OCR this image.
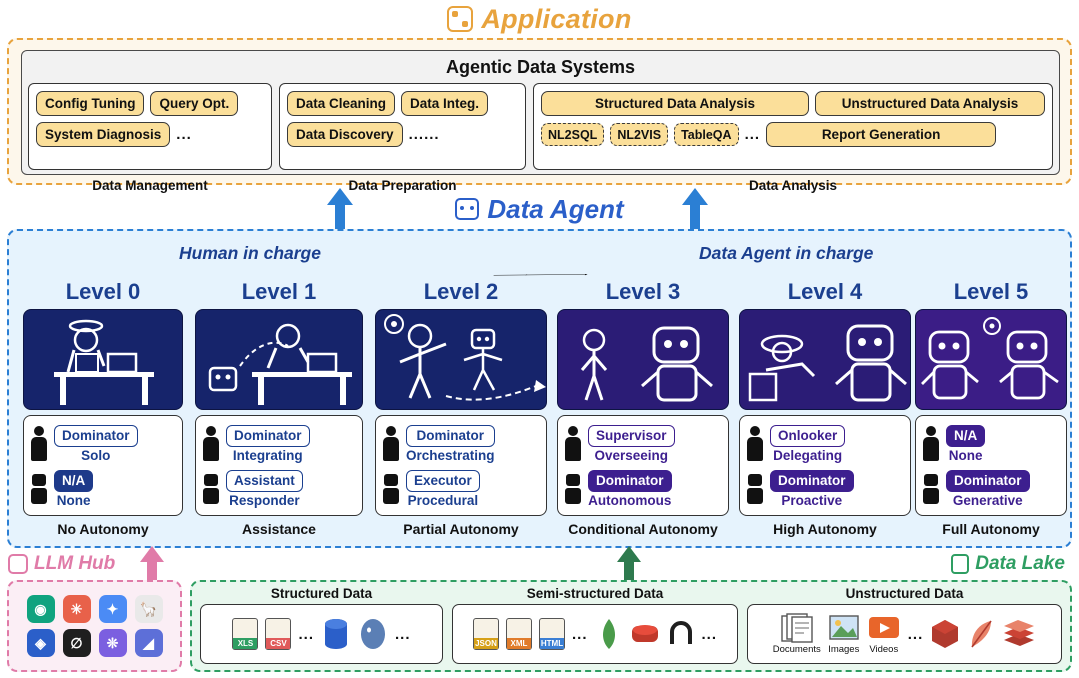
Application
Agentic Data Systems
Config Tuning	Query Opt.
System Diagnosis	...
Data Management
Data Cleaning	Data Integ.
Data Discovery	......
Data Preparation
Structured Data Analysis	Unstructured Data Analysis
NL2SQL	NL2VIS	TableQA ...	Report Generation
Data Analysis
Data Agent
Human in charge	Data Agent in charge
Level 0
Dominator
Solo
N/A
None
No Autonomy
Level 1
Dominator
Integrating
Assistant
Responder
Assistance
Level 2
Dominator
Orchestrating
Executor
Procedural
Partial Autonomy
Level 3
Supervisor
Overseeing
Dominator
Autonomous
Conditional Autonomy
Level 4
Onlooker
Delegating
Dominator
Proactive
High Autonomy
Level 5
N/A
None
Dominator
Generative
Full Autonomy
LLM Hub
◉	✳	✦	🦙
◈	∅	❊	◢
Data Lake
Structured Data
XLS	CSV
...	...
Semi-structured Data
JSON	XML	HTML
...	...
Unstructured Data
Documents Images Videos
...
